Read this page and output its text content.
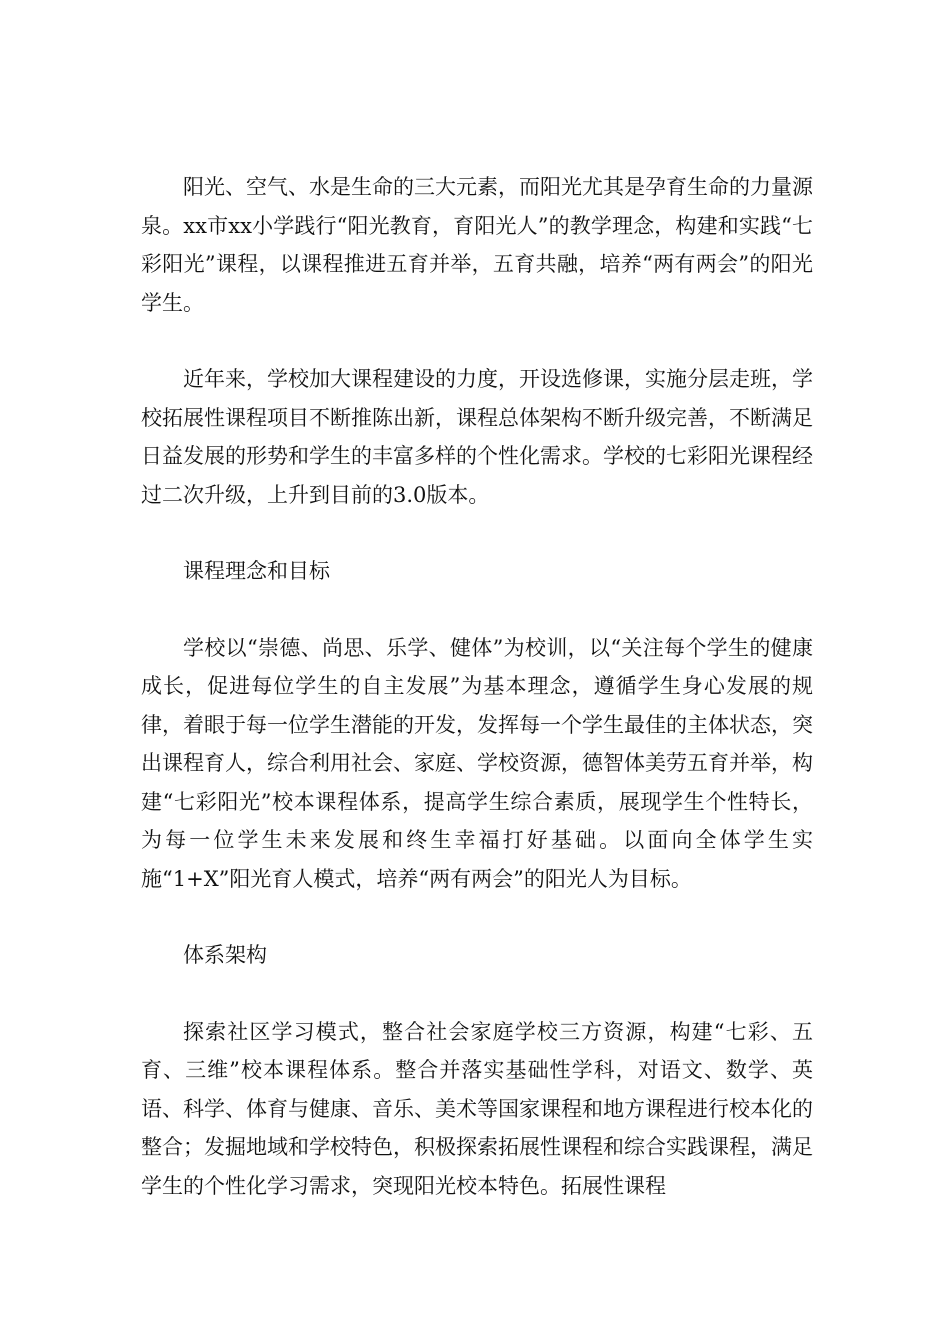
阳光、空气、水是生命的三大元素，而阳光尤其是孕育生命的力量源泉。xx市xx小学践行“阳光教育，育阳光人”的教学理念，构建和实践“七彩阳光”课程，以课程推进五育并举，五育共融，培养“两有两会”的阳光学生。

近年来，学校加大课程建设的力度，开设选修课，实施分层走班，学校拓展性课程项目不断推陈出新，课程总体架构不断升级完善，不断满足日益发展的形势和学生的丰富多样的个性化需求。学校的七彩阳光课程经过二次升级，上升到目前的3.0版本。

课程理念和目标

学校以“崇德、尚思、乐学、健体”为校训，以“关注每个学生的健康成长，促进每位学生的自主发展”为基本理念，遵循学生身心发展的规律，着眼于每一位学生潜能的开发，发挥每一个学生最佳的主体状态，突出课程育人，综合利用社会、家庭、学校资源，德智体美劳五育并举，构建“七彩阳光”校本课程体系，提高学生综合素质，展现学生个性特长，为每一位学生未来发展和终生幸福打好基础。以面向全体学生实施“1+X”阳光育人模式，培养“两有两会”的阳光人为目标。

体系架构

探索社区学习模式，整合社会家庭学校三方资源，构建“七彩、五育、三维”校本课程体系。整合并落实基础性学科，对语文、数学、英语、科学、体育与健康、音乐、美术等国家课程和地方课程进行校本化的整合；发掘地域和学校特色，积极探索拓展性课程和综合实践课程，满足学生的个性化学习需求，突现阳光校本特色。拓展性课程
